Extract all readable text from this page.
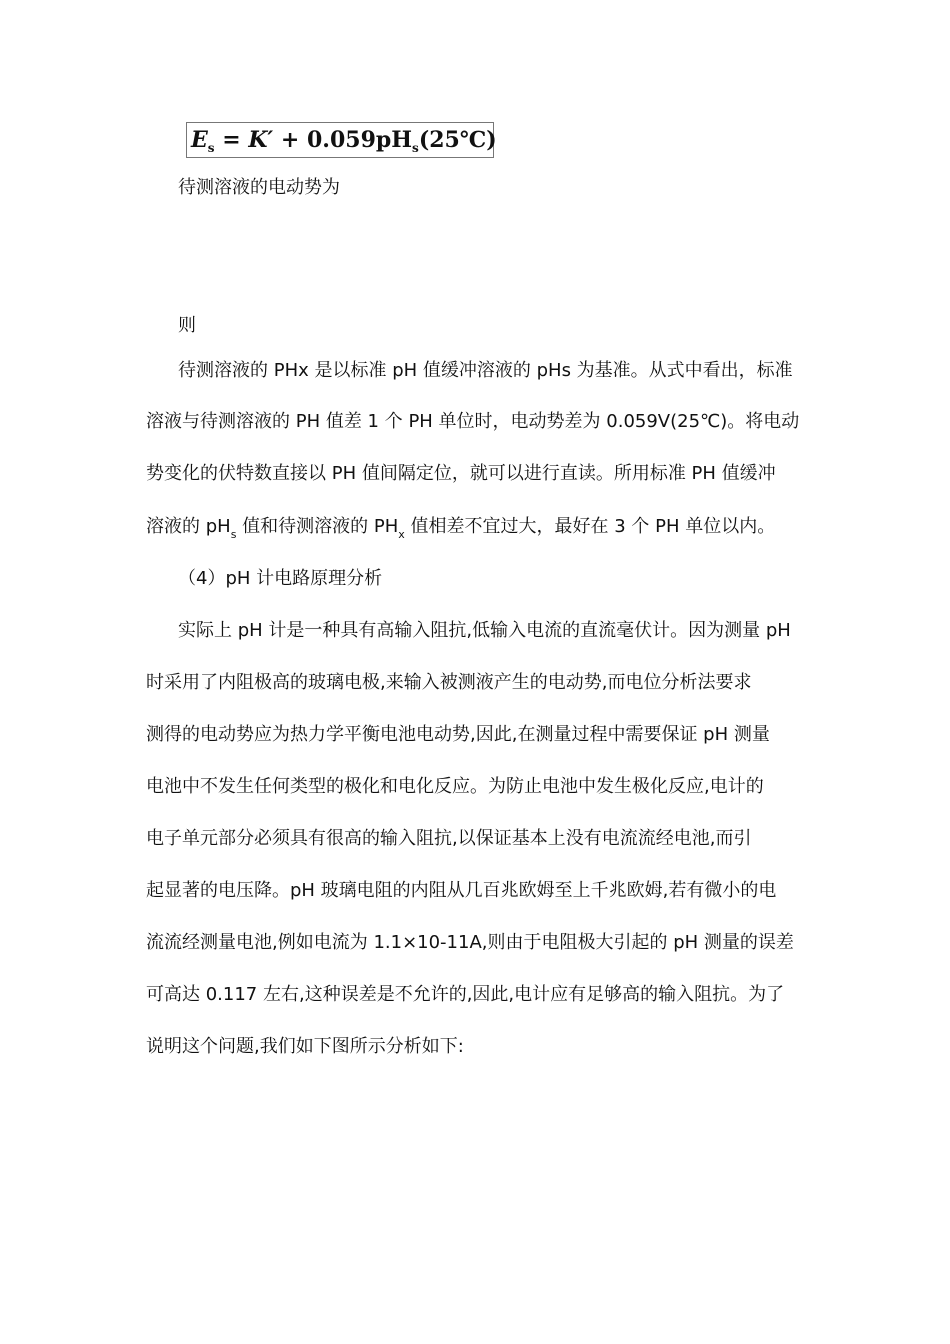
$E_s = K'$ + $0.059pH_s(25℃)$
待测溶液的电动势为
则
待测溶液的 PHx 是以标准 pH 值缓冲溶液的 pHs 为基准。从式中看出，标准
溶液与待测溶液的 PH 值差 1 个 PH 单位时，电动势差为 0.059V(25℃)。将电动
势变化的伏特数直接以 PH 值间隔定位，就可以进行直读。所用标准 PH 值缓冲
溶液的 $pH_s$ 值和待测溶液的 $PH_x$ 值相差不宜过大，最好在 3 个 PH 单位以内。
（4）pH 计电路原理分析
实际上 pH 计是一种具有高输入阻抗,低输入电流的直流毫伏计。因为测量 pH
时采用了内阻极高的玻璃电极,来输入被测液产生的电动势,而电位分析法要求
测得的电动势应为热力学平衡电池电动势,因此,在测量过程中需要保证 pH 测量
电池中不发生任何类型的极化和电化反应。为防止电池中发生极化反应,电计的
电子单元部分必须具有很高的输入阻抗,以保证基本上没有电流流经电池,而引
起显著的电压降。pH 玻璃电阻的内阻从几百兆欧姆至上千兆欧姆,若有微小的电
流流经测量电池,例如电流为 1.1×10-11A,则由于电阻极大引起的 pH 测量的误差
可高达 0.117 左右,这种误差是不允许的,因此,电计应有足够高的输入阻抗。为了
说明这个问题,我们如下图所示分析如下:
